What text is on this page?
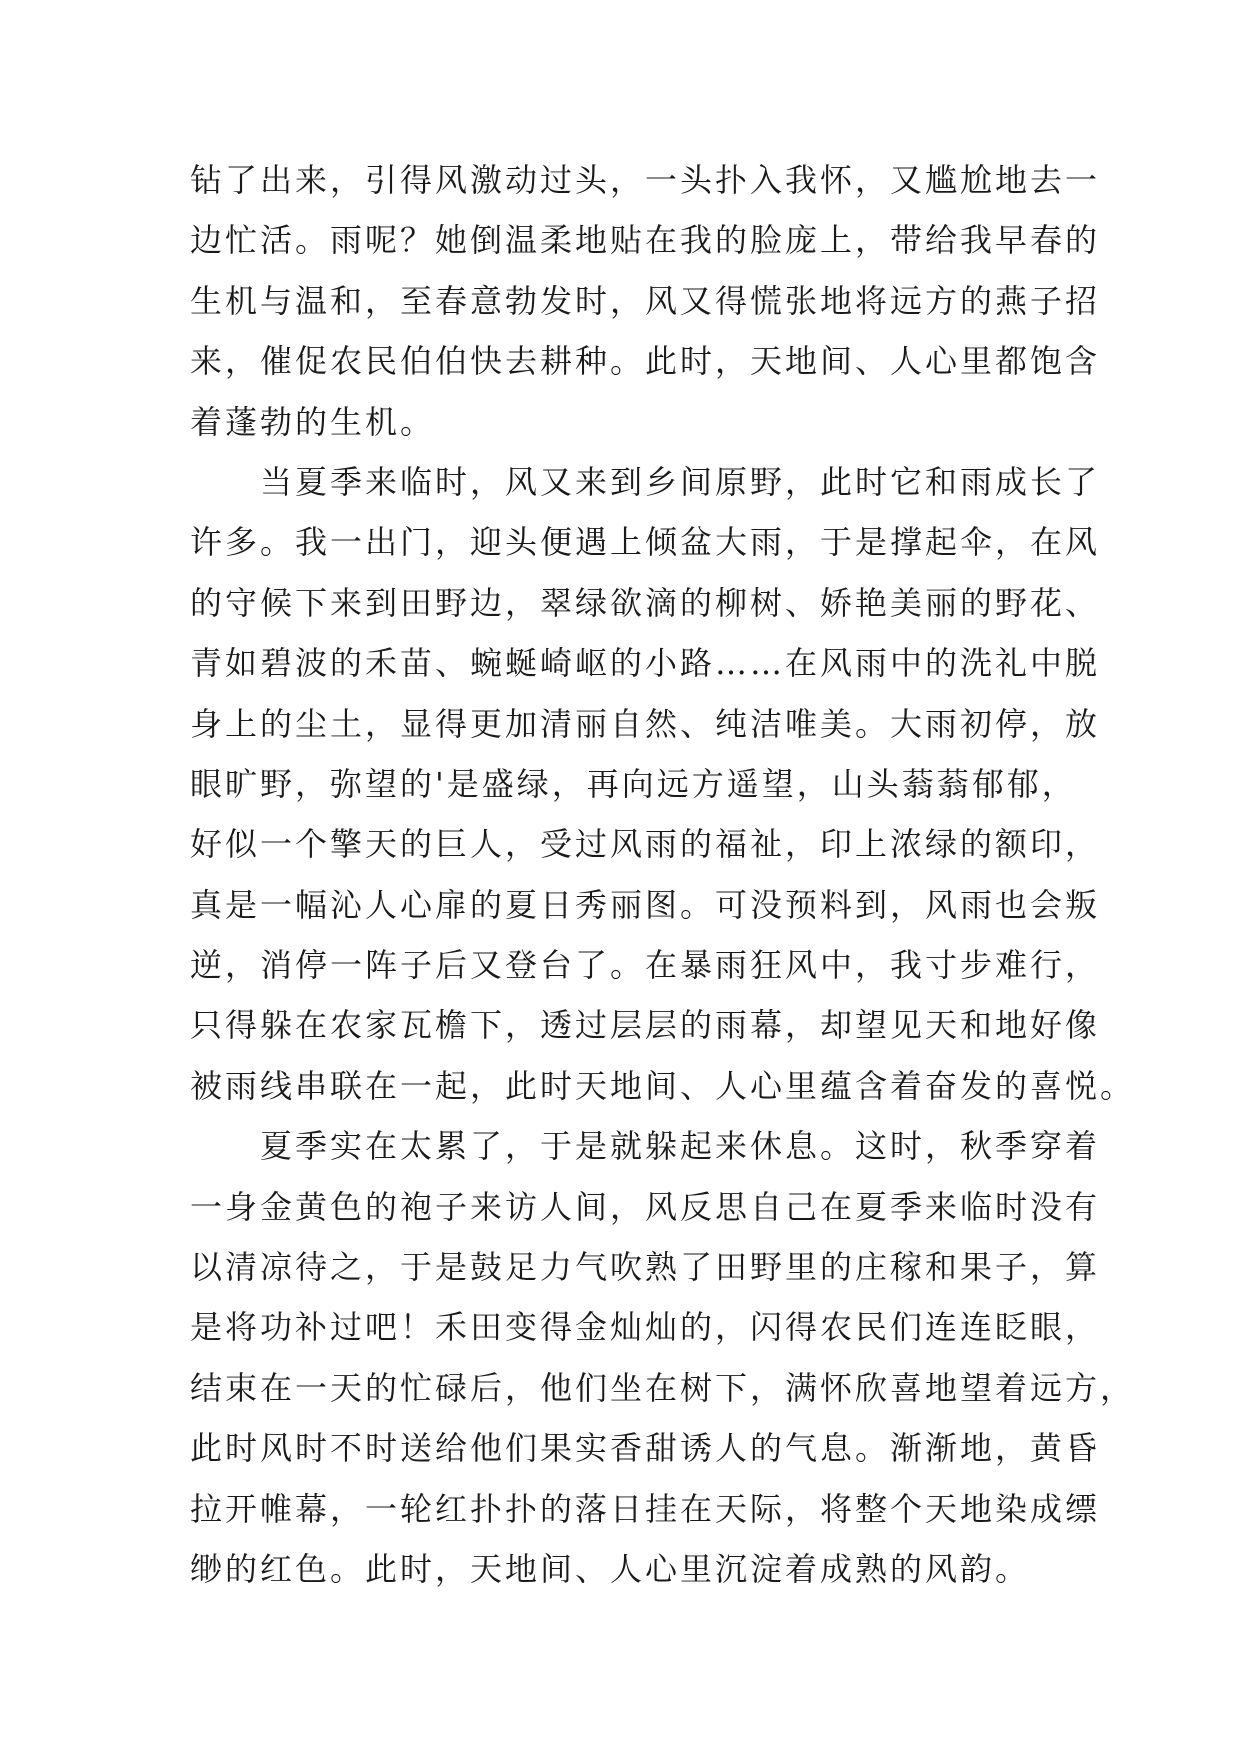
钻了出来，引得风激动过头，一头扑入我怀，又尴尬地去一
边忙活。雨呢？她倒温柔地贴在我的脸庞上，带给我早春的
生机与温和，至春意勃发时，风又得慌张地将远方的燕子招
来，催促农民伯伯快去耕种。此时，天地间、人心里都饱含
着蓬勃的生机。
当夏季来临时，风又来到乡间原野，此时它和雨成长了
许多。我一出门，迎头便遇上倾盆大雨，于是撑起伞，在风
的守候下来到田野边，翠绿欲滴的柳树、娇艳美丽的野花、
青如碧波的禾苗、蜿蜒崎岖的小路……在风雨中的洗礼中脱
身上的尘土，显得更加清丽自然、纯洁唯美。大雨初停，放
眼旷野，弥望的'是盛绿，再向远方遥望，山头蓊蓊郁郁，
好似一个擎天的巨人，受过风雨的福祉，印上浓绿的额印，
真是一幅沁人心扉的夏日秀丽图。可没预料到，风雨也会叛
逆，消停一阵子后又登台了。在暴雨狂风中，我寸步难行，
只得躲在农家瓦檐下，透过层层的雨幕，却望见天和地好像
被雨线串联在一起，此时天地间、人心里蕴含着奋发的喜悦。
夏季实在太累了，于是就躲起来休息。这时，秋季穿着
一身金黄色的袍子来访人间，风反思自己在夏季来临时没有
以清凉待之，于是鼓足力气吹熟了田野里的庄稼和果子，算
是将功补过吧！禾田变得金灿灿的，闪得农民们连连眨眼，
结束在一天的忙碌后，他们坐在树下，满怀欣喜地望着远方，
此时风时不时送给他们果实香甜诱人的气息。渐渐地，黄昏
拉开帷幕，一轮红扑扑的落日挂在天际，将整个天地染成缥
缈的红色。此时，天地间、人心里沉淀着成熟的风韵。
